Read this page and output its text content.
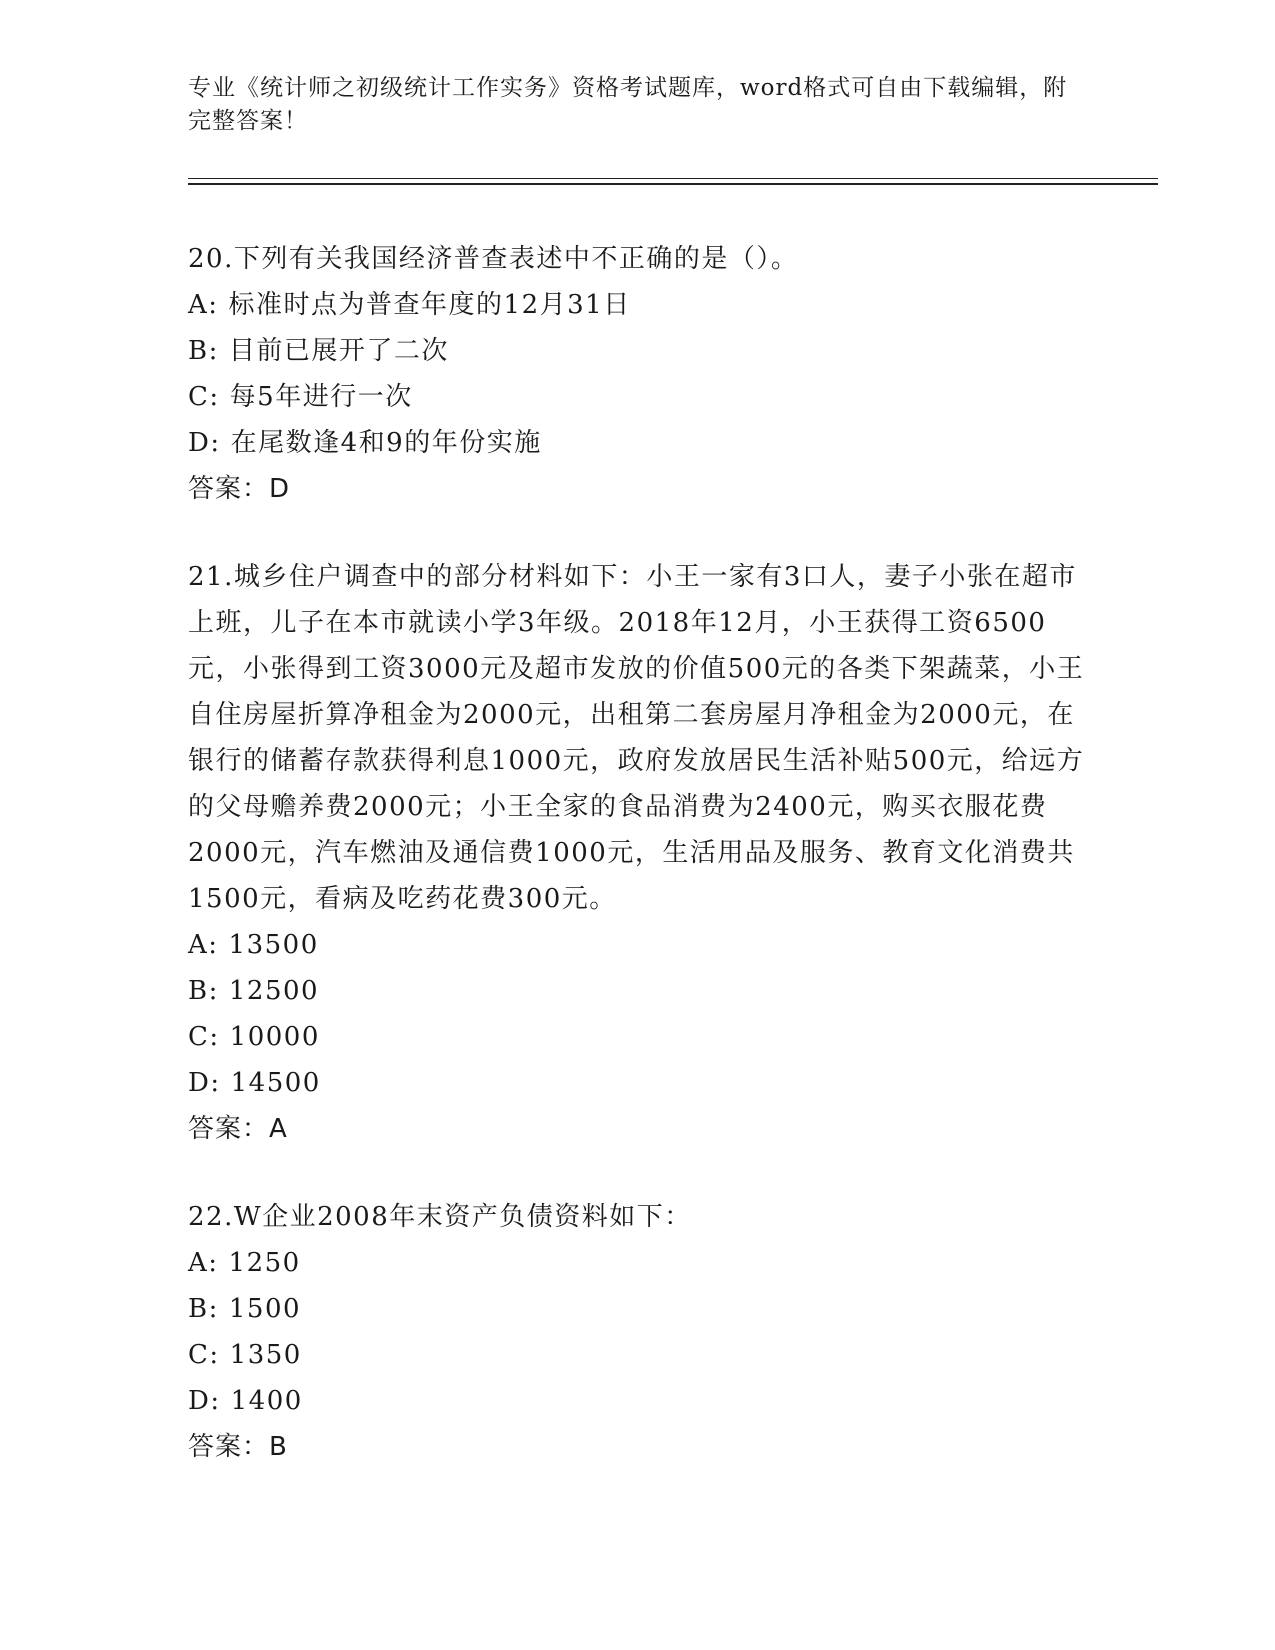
专业《统计师之初级统计工作实务》资格考试题库，word格式可自由下载编辑，附完整答案！

20.下列有关我国经济普查表述中不正确的是（）。

A: 标准时点为普查年度的12月31日

B: 目前已展开了二次

C: 每5年进行一次

D: 在尾数逢4和9的年份实施

答案：D

21.城乡住户调查中的部分材料如下：小王一家有3口人，妻子小张在超市上班，儿子在本市就读小学3年级。2018年12月，小王获得工资6500元，小张得到工资3000元及超市发放的价值500元的各类下架蔬菜，小王自住房屋折算净租金为2000元，出租第二套房屋月净租金为2000元，在银行的储蓄存款获得利息1000元，政府发放居民生活补贴500元，给远方的父母赡养费2000元；小王全家的食品消费为2400元，购买衣服花费2000元，汽车燃油及通信费1000元，生活用品及服务、教育文化消费共1500元，看病及吃药花费300元。

A: 13500

B: 12500

C: 10000

D: 14500

答案：A

22.W企业2008年末资产负债资料如下：

A: 1250

B: 1500

C: 1350

D: 1400

答案：B
